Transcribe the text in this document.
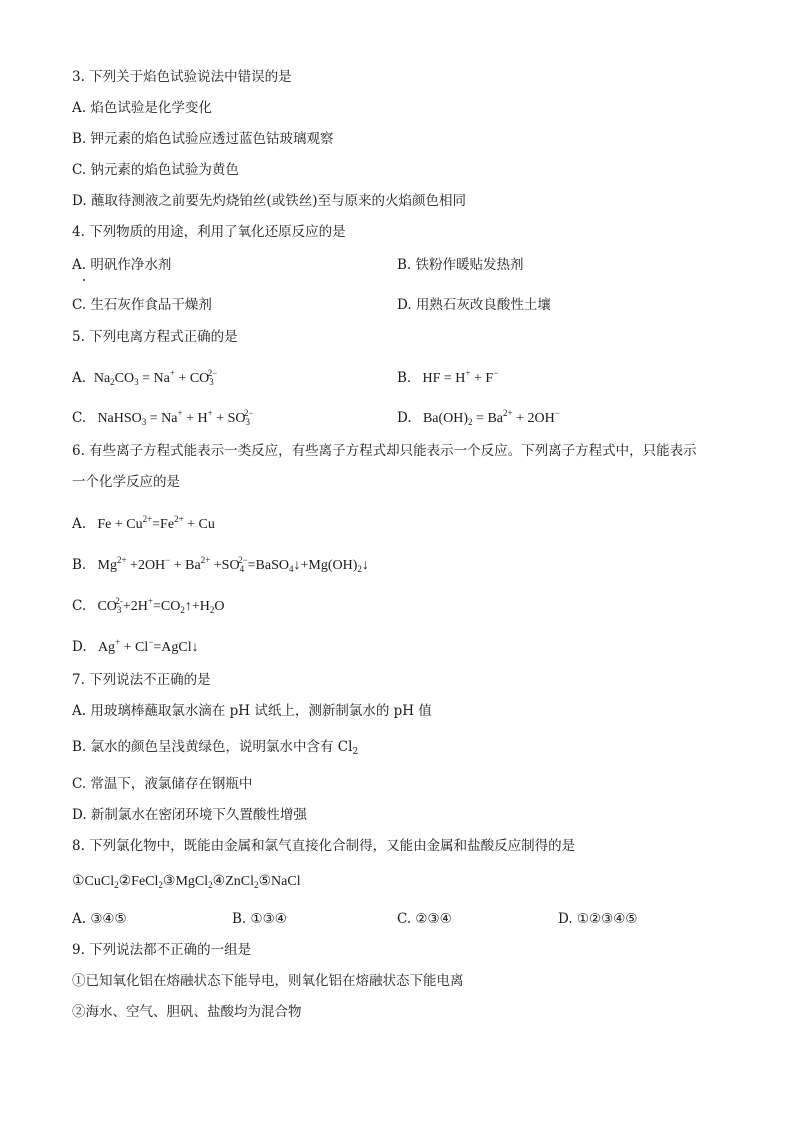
3. 下列关于焰色试验说法中错误的是
A. 焰色试验是化学变化
B. 钾元素的焰色试验应透过蓝色钴玻璃观察
C. 钠元素的焰色试验为黄色
D. 蘸取待测液之前要先灼烧铂丝(或铁丝)至与原来的火焰颜色相同
4. 下列物质的用途，利用了氧化还原反应的是
A. 明矾作净水剂	B. 铁粉作暖贴发热剂
C. 生石灰作食品干燥剂	D. 用熟石灰改良酸性土壤
5. 下列电离方程式正确的是
A.  $Na_2CO_3 = Na^+ + CO_3^{2-}$	B.   HF = H+ + F−
C.   NaHSO$_3$ = $Na^+ + H^+ + SO_3^{2-}$	D.   $Ba(OH)_2 = Ba^{2+} + 2OH^-$
6. 有些离子方程式能表示一类反应，有些离子方程式却只能表示一个反应。下列离子方程式中，只能表示
一个化学反应的是
A.   $Fe + Cu^{2+}=Fe^{2+} + Cu$
B.   $Mg^{2+} +2OH^- + Ba^{2+}$ $+SO_4^{2-}=BaSO_4↓+Mg(OH)_2↓$
C.   $CO_3^{2-}+2H^+=CO_2↑+H_2O$
D.   Ag+ + Cl−=AgCl↓
7. 下列说法不正确的是
A. 用玻璃棒蘸取氯水滴在 pH 试纸上，测新制氯水的 pH 值
B. 氯水的颜色呈浅黄绿色，说明氯水中含有 $Cl_2$
C. 常温下，液氯储存在钢瓶中
D. 新制氯水在密闭环境下久置酸性增强
8. 下列氯化物中，既能由金属和氯气直接化合制得，又能由金属和盐酸反应制得的是
①CuCl$_2$②FeCl$_2$③MgCl$_2$④ZnCl$_2$⑤NaCl
A. ③④⑤	B. ①③④	C. ②③④	D. ①②③④⑤
9. 下列说法都不正确的一组是
①已知氧化铝在熔融状态下能导电，则氧化铝在熔融状态下能电离
②海水、空气、胆矾、盐酸均为混合物
